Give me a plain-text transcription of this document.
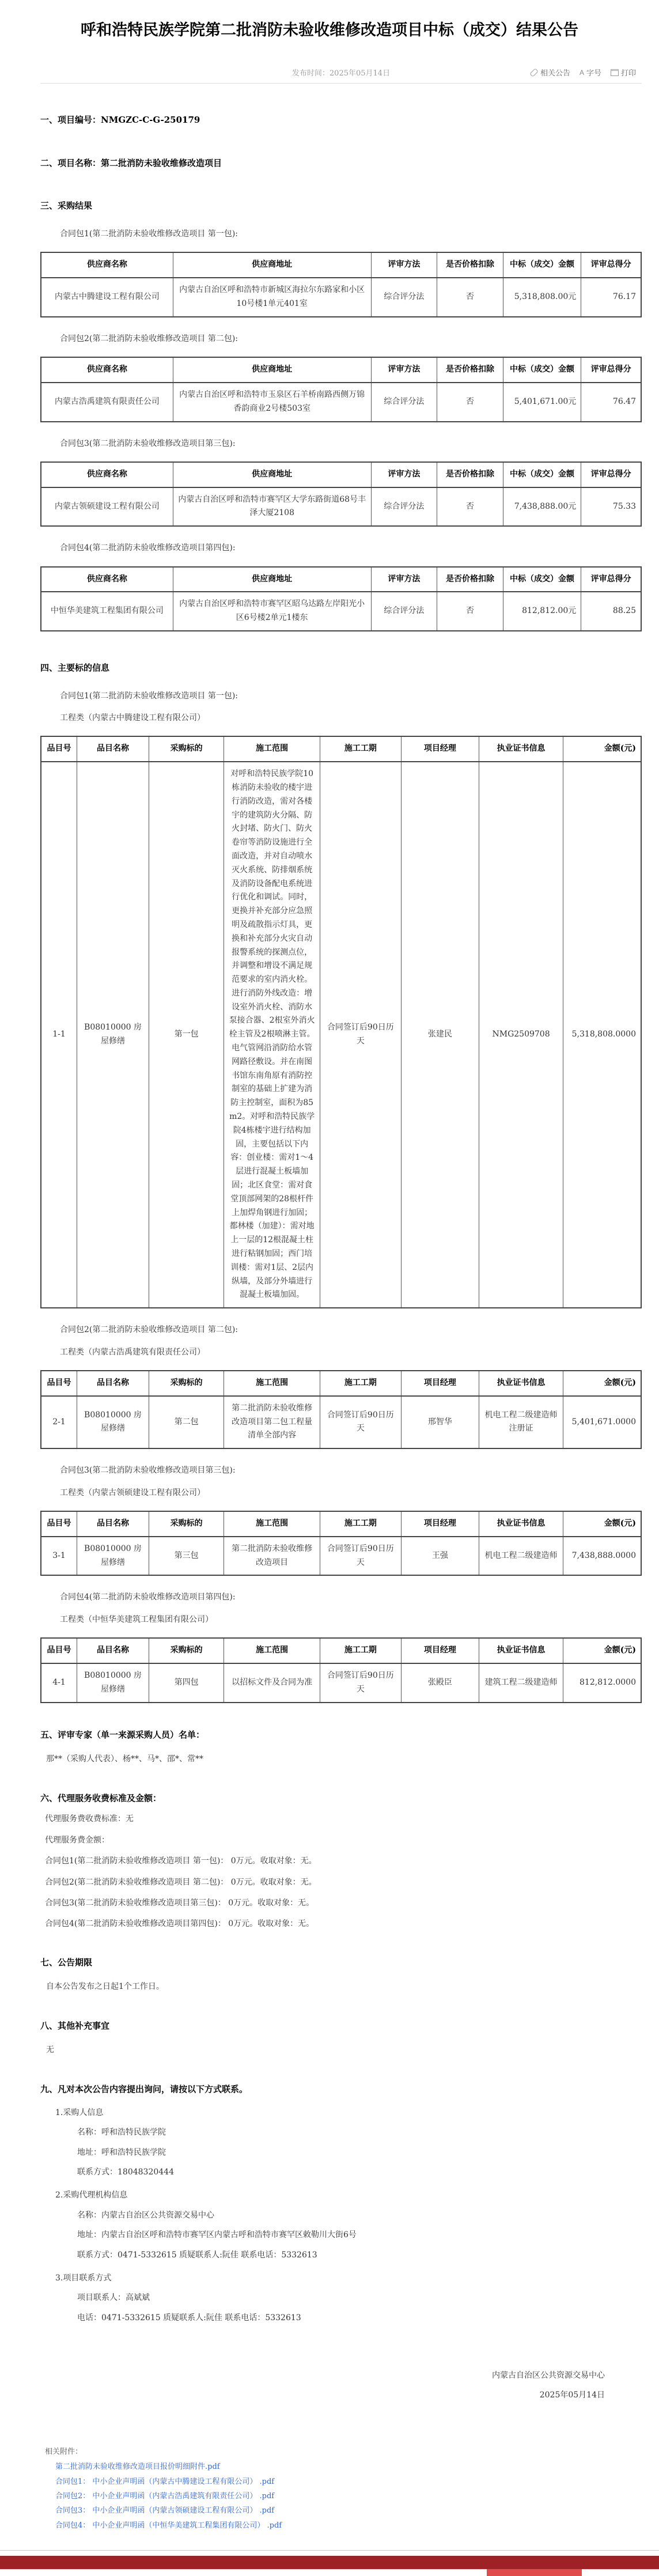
呼和浩特民族学院第二批消防未验收维修改造项目中标（成交）结果公告
发布时间：2025年05月14日	相关公告 A 字号	打印
一、项目编号：NMGZC-C-G-250179
二、项目名称：第二批消防未验收维修改造项目
三、采购结果
合同包1(第二批消防未验收维修改造项目 第一包):
供应商名称	供应商地址	评审方法	是否价格扣除	中标（成交）金额	评审总得分
内蒙古中腾建设工程有限公司	内蒙古自治区呼和浩特市新城区海拉尔东路家和小区10号楼1单元401室	综合评分法	否	5,318,808.00元	76.17
合同包2(第二批消防未验收维修改造项目 第二包):
供应商名称	供应商地址	评审方法	是否价格扣除	中标（成交）金额	评审总得分
内蒙古浩禹建筑有限责任公司	内蒙古自治区呼和浩特市玉泉区石羊桥南路西侧万锦香韵商业2号楼503室	综合评分法	否	5,401,671.00元	76.47
合同包3(第二批消防未验收维修改造项目第三包):
供应商名称	供应商地址	评审方法	是否价格扣除	中标（成交）金额	评审总得分
内蒙古领硕建设工程有限公司	内蒙古自治区呼和浩特市赛罕区大学东路街道68号丰泽大厦2108	综合评分法	否	7,438,888.00元	75.33
合同包4(第二批消防未验收维修改造项目第四包):
供应商名称	供应商地址	评审方法	是否价格扣除	中标（成交）金额	评审总得分
中恒华美建筑工程集团有限公司	内蒙古自治区呼和浩特市赛罕区昭乌达路左岸阳光小区6号楼2单元1楼东	综合评分法	否	812,812.00元	88.25
四、主要标的信息
合同包1(第二批消防未验收维修改造项目 第一包):
工程类（内蒙古中腾建设工程有限公司）
品目号	品目名称	采购标的	施工范围	施工工期	项目经理	执业证书信息	金额(元)
1-1	B08010000 房屋修缮	第一包	对呼和浩特民族学院10栋消防未验收的楼宇进行消防改造，需对各楼宇的建筑防火分隔、防火封堵、防火门、防火卷帘等消防设施进行全面改造，并对自动喷水灭火系统、防排烟系统及消防设备配电系统进行优化和调试。同时，更换并补充部分应急照明及疏散指示灯具，更换和补充部分火灾自动报警系统的探测点位，并调整和增设不满足规范要求的室内消火栓。进行消防外线改造：增设室外消火栓、消防水泵接合器、2根室外消火栓主管及2根喷淋主管。电气管网沿消防给水管网路径敷设。并在南图书馆东南角原有消防控制室的基础上扩建为消防主控制室，面积为85m2。对呼和浩特民族学院4栋楼宇进行结构加固，主要包括以下内容：创业楼：需对1～4层进行混凝土板墙加固；北区食堂：需对食堂顶部网架的28根杆件上加焊角钢进行加固；都林楼（加建）：需对地上一层的12根混凝土柱进行粘钢加固；西门培训楼：需对1层、2层内纵墙，及部分外墙进行混凝土板墙加固。	合同签订后90日历天	张建民	NMG2509708	5,318,808.0000
合同包2(第二批消防未验收维修改造项目 第二包):
工程类（内蒙古浩禹建筑有限责任公司）
品目号	品目名称	采购标的	施工范围	施工工期	项目经理	执业证书信息	金额(元)
2-1	B08010000 房屋修缮	第二包	第二批消防未验收维修改造项目第二包工程量清单全部内容	合同签订后90日历天	邢智华	机电工程二级建造师注册证	5,401,671.0000
合同包3(第二批消防未验收维修改造项目第三包):
工程类（内蒙古领硕建设工程有限公司）
品目号	品目名称	采购标的	施工范围	施工工期	项目经理	执业证书信息	金额(元)
3-1	B08010000 房屋修缮	第三包	第二批消防未验收维修改造项目	合同签订后90日历天	王强	机电工程二级建造师	7,438,888.0000
合同包4(第二批消防未验收维修改造项目第四包):
工程类（中恒华美建筑工程集团有限公司）
品目号	品目名称	采购标的	施工范围	施工工期	项目经理	执业证书信息	金额(元)
4-1	B08010000 房屋修缮	第四包	以招标文件及合同为准	合同签订后90日历天	张殿臣	建筑工程二级建造师	812,812.0000
五、评审专家（单一来源采购人员）名单：
那**（采购人代表）、杨**、马*、邵*、常**
六、代理服务收费标准及金额：
代理服务费收费标准：无
代理服务费金额：
合同包1(第二批消防未验收维修改造项目 第一包)： 0万元。收取对象：无。
合同包2(第二批消防未验收维修改造项目 第二包)： 0万元。收取对象：无。
合同包3(第二批消防未验收维修改造项目第三包)： 0万元。收取对象：无。
合同包4(第二批消防未验收维修改造项目第四包)： 0万元。收取对象：无。
七、公告期限
自本公告发布之日起1个工作日。
八、其他补充事宜
无
九、凡对本次公告内容提出询问，请按以下方式联系。
1.采购人信息
名称：呼和浩特民族学院
地址：呼和浩特民族学院
联系方式：18048320444
2.采购代理机构信息
名称：内蒙古自治区公共资源交易中心
地址：内蒙古自治区呼和浩特市赛罕区内蒙古呼和浩特市赛罕区敕勒川大街6号
联系方式：0471-5332615 质疑联系人:阮佳 联系电话：5332613
3.项目联系方式
项目联系人：高斌斌
电话：0471-5332615 质疑联系人:阮佳 联系电话：5332613
内蒙古自治区公共资源交易中心
2025年05月14日
相关附件：
第二批消防未验收维修改造项目报价明细附件.pdf
合同包1： 中小企业声明函（内蒙古中腾建设工程有限公司） .pdf
合同包2： 中小企业声明函（内蒙古浩禹建筑有限责任公司） .pdf
合同包3： 中小企业声明函（内蒙古领硕建设工程有限公司） .pdf
合同包4： 中小企业声明函（中恒华美建筑工程集团有限公司） .pdf
